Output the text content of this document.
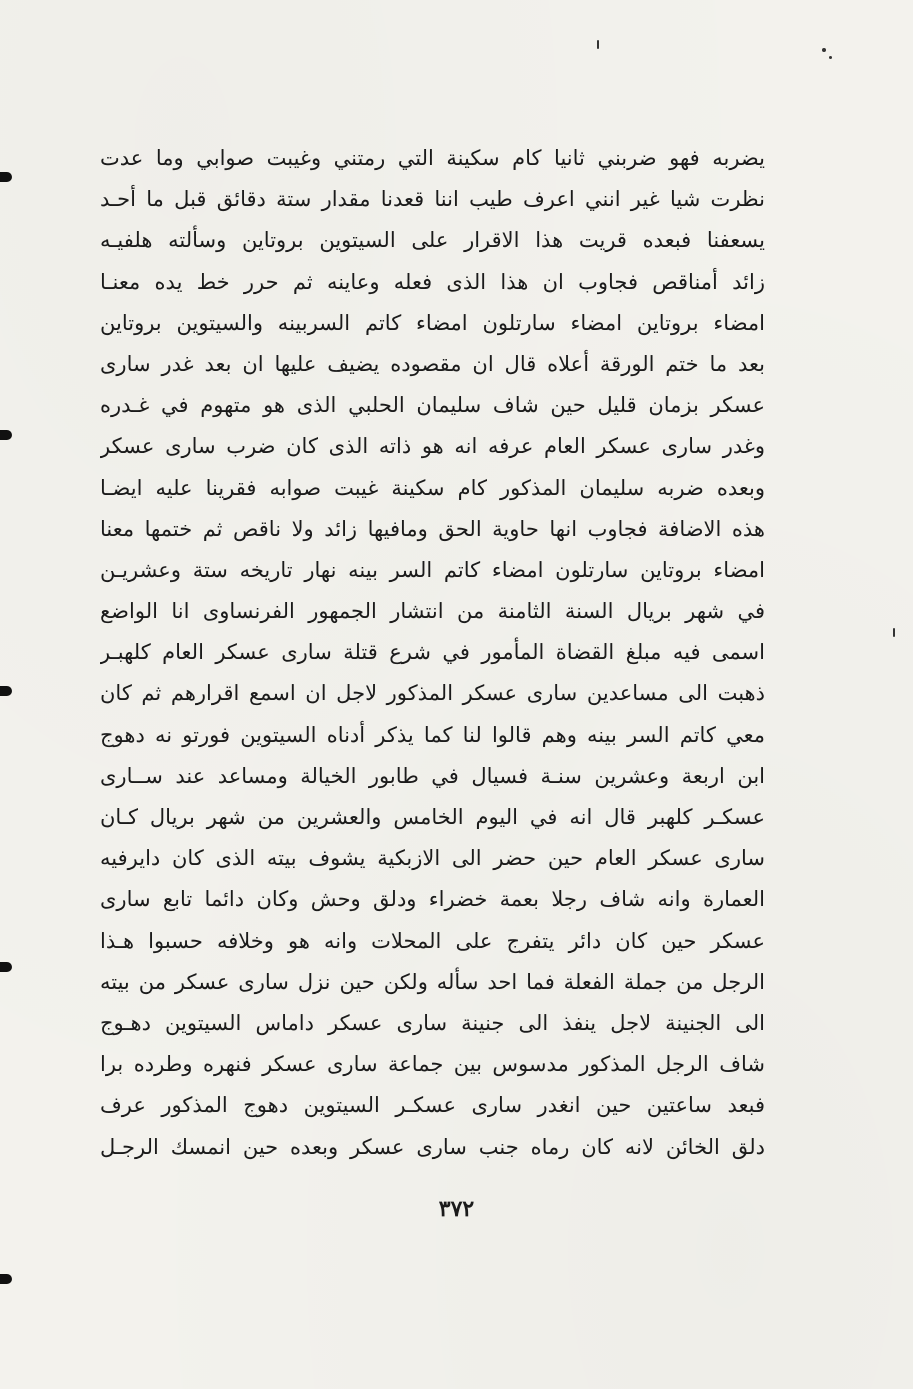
يضربه فهو ضربني ثانيا كام سكينة التي رمتني وغيبت صوابي وما عدت
نظرت شيا غير انني اعرف طيب اننا قعدنا مقدار ستة دقائق قبل ما أحـد
يسعفنا فبعده قريت هذا الاقرار على السيتوين بروتاين وسألته هلفيـه
زائد أمناقص فجاوب ان هذا الذى فعله وعاينه ثم حرر خط يده معنـا
امضاء بروتاين امضاء سارتلون امضاء كاتم السربينه والسيتوين بروتاين
بعد ما ختم الورقة أعلاه قال ان مقصوده يضيف عليها ان بعد غدر سارى
عسكر بزمان قليل حين شاف سليمان الحلبي الذى هو متهوم في غـدره
وغدر سارى عسكر العام عرفه انه هو ذاته الذى كان ضرب سارى عسكر
وبعده ضربه سليمان المذكور كام سكينة غيبت صوابه فقرينا عليه ايضـا
هذه الاضافة فجاوب انها حاوية الحق ومافيها زائد ولا ناقص ثم ختمها معنا
امضاء بروتاين سارتلون امضاء كاتم السر بينه نهار تاريخه ستة وعشريـن
في شهر بريال السنة الثامنة من انتشار الجمهور الفرنساوى انا الواضع
اسمى فيه مبلغ القضاة المأمور في شرع قتلة سارى عسكر العام كلهبـر
ذهبت الى مساعدين سارى عسكر المذكور لاجل ان اسمع اقرارهم ثم كان
معي كاتم السر بينه وهم قالوا لنا كما يذكر أدناه السيتوين فورتو نه دهوج
ابن اربعة وعشرين سنـة فسيال في طابور الخيالة ومساعد عند ســارى
عسكـر كلهبر قال انه في اليوم الخامس والعشرين من شهر بريال كـان
سارى عسكر العام حين حضر الى الازبكية يشوف بيته الذى كان دايرفيه
العمارة وانه شاف رجلا بعمة خضراء ودلق وحش وكان دائما تابع سارى
عسكر حين كان دائر يتفرج على المحلات وانه هو وخلافه حسبوا هـذا
الرجل من جملة الفعلة فما احد سأله ولكن حين نزل سارى عسكر من بيته
الى الجنينة لاجل ينفذ الى جنينة سارى عسكر داماس السيتوين دهـوج
شاف الرجل المذكور مدسوس بين جماعة سارى عسكر فنهره وطرده برا
فبعد ساعتين حين انغدر سارى عسكـر السيتوين دهوج المذكور عرف
دلق الخائن لانه كان رماه جنب سارى عسكر وبعده حين انمسك الرجـل
٣٧٢
